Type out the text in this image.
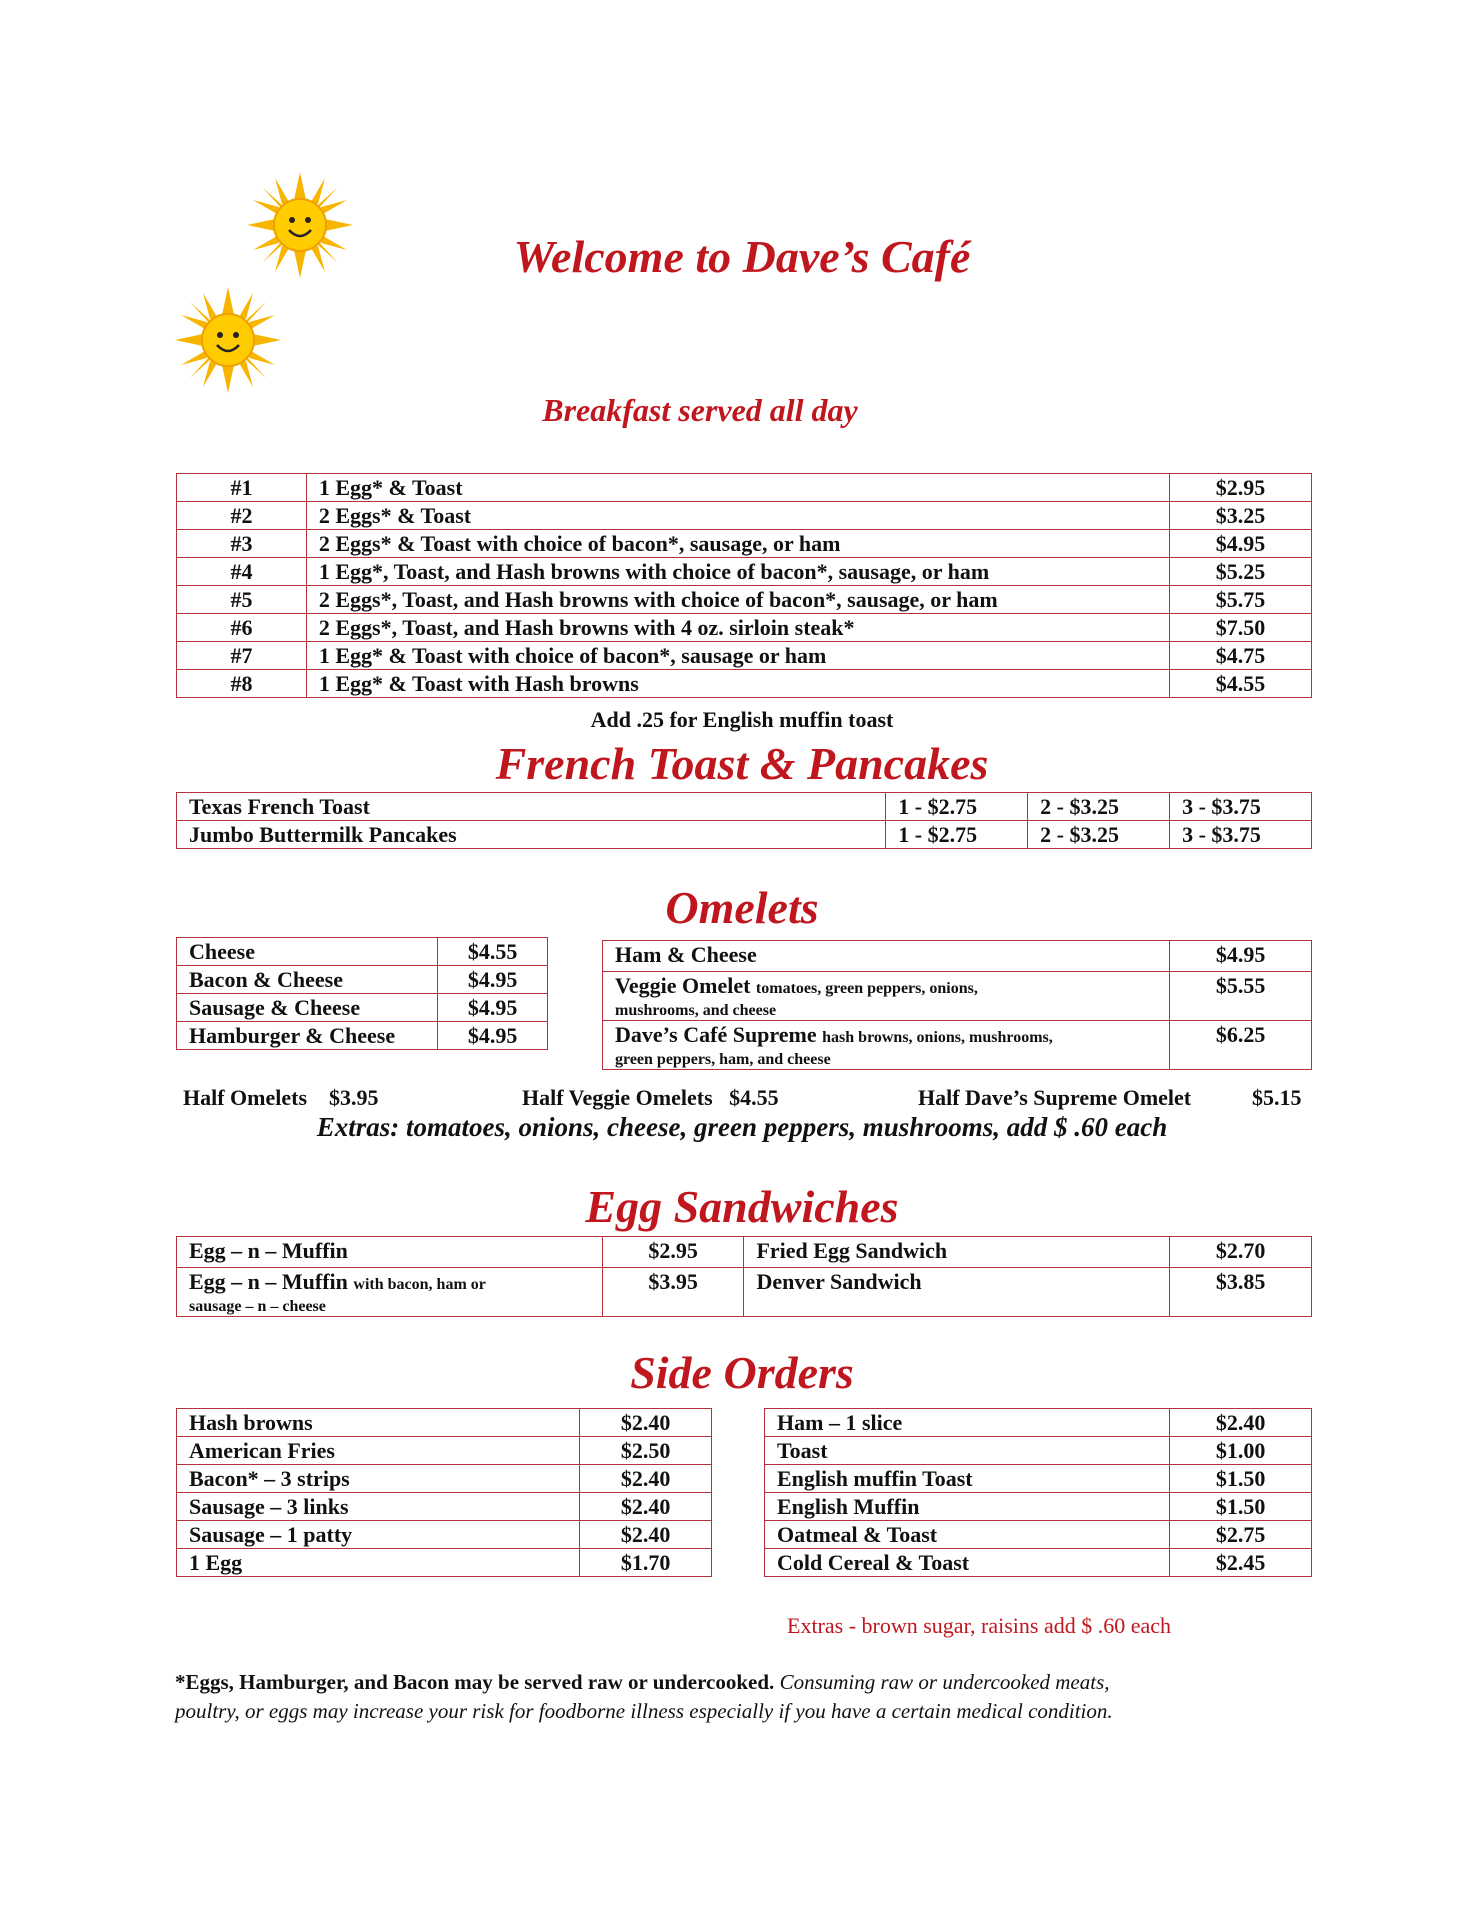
Welcome to Dave’s Café
Breakfast served all day
#1	1 Egg* & Toast	$2.95
#2	2 Eggs* & Toast	$3.25
#3	2 Eggs* & Toast with choice of bacon*, sausage, or ham	$4.95
#4	1 Egg*, Toast, and Hash browns with choice of bacon*, sausage, or ham	$5.25
#5	2 Eggs*, Toast, and Hash browns with choice of bacon*, sausage, or ham	$5.75
#6	2 Eggs*, Toast, and Hash browns with 4 oz. sirloin steak*	$7.50
#7	1 Egg* & Toast with choice of bacon*, sausage or ham	$4.75
#8	1 Egg* & Toast with Hash browns	$4.55
Add .25 for English muffin toast
French Toast & Pancakes
Texas French Toast	1 - $2.75	2 - $3.25	3 - $3.75
Jumbo Buttermilk Pancakes	1 - $2.75	2 - $3.25	3 - $3.75
Omelets
Cheese	$4.55
Bacon & Cheese	$4.95
Sausage & Cheese	$4.95
Hamburger & Cheese	$4.95
Ham & Cheese	$4.95
Veggie Omelet tomatoes, green peppers, onions,
mushrooms, and cheese	$5.55
Dave’s Café Supreme hash browns, onions, mushrooms,
green peppers, ham, and cheese	$6.25
Half Omelets $3.95	Half Veggie Omelets $4.55	Half Dave’s Supreme Omelet	$5.15
Extras: tomatoes, onions, cheese, green peppers, mushrooms, add $ .60 each
Egg Sandwiches
Egg – n – Muffin	$2.95	Fried Egg Sandwich	$2.70
Egg – n – Muffin with bacon, ham or
sausage – n – cheese	$3.95	Denver Sandwich	$3.85
Side Orders
Hash browns	$2.40
American Fries	$2.50
Bacon* – 3 strips	$2.40
Sausage – 3 links	$2.40
Sausage – 1 patty	$2.40
1 Egg	$1.70
Ham – 1 slice	$2.40
Toast	$1.00
English muffin Toast	$1.50
English Muffin	$1.50
Oatmeal & Toast	$2.75
Cold Cereal & Toast	$2.45
Extras - brown sugar, raisins add $ .60 each
*Eggs, Hamburger, and Bacon may be served raw or undercooked. Consuming raw or undercooked meats,
poultry, or eggs may increase your risk for foodborne illness especially if you have a certain medical condition.
